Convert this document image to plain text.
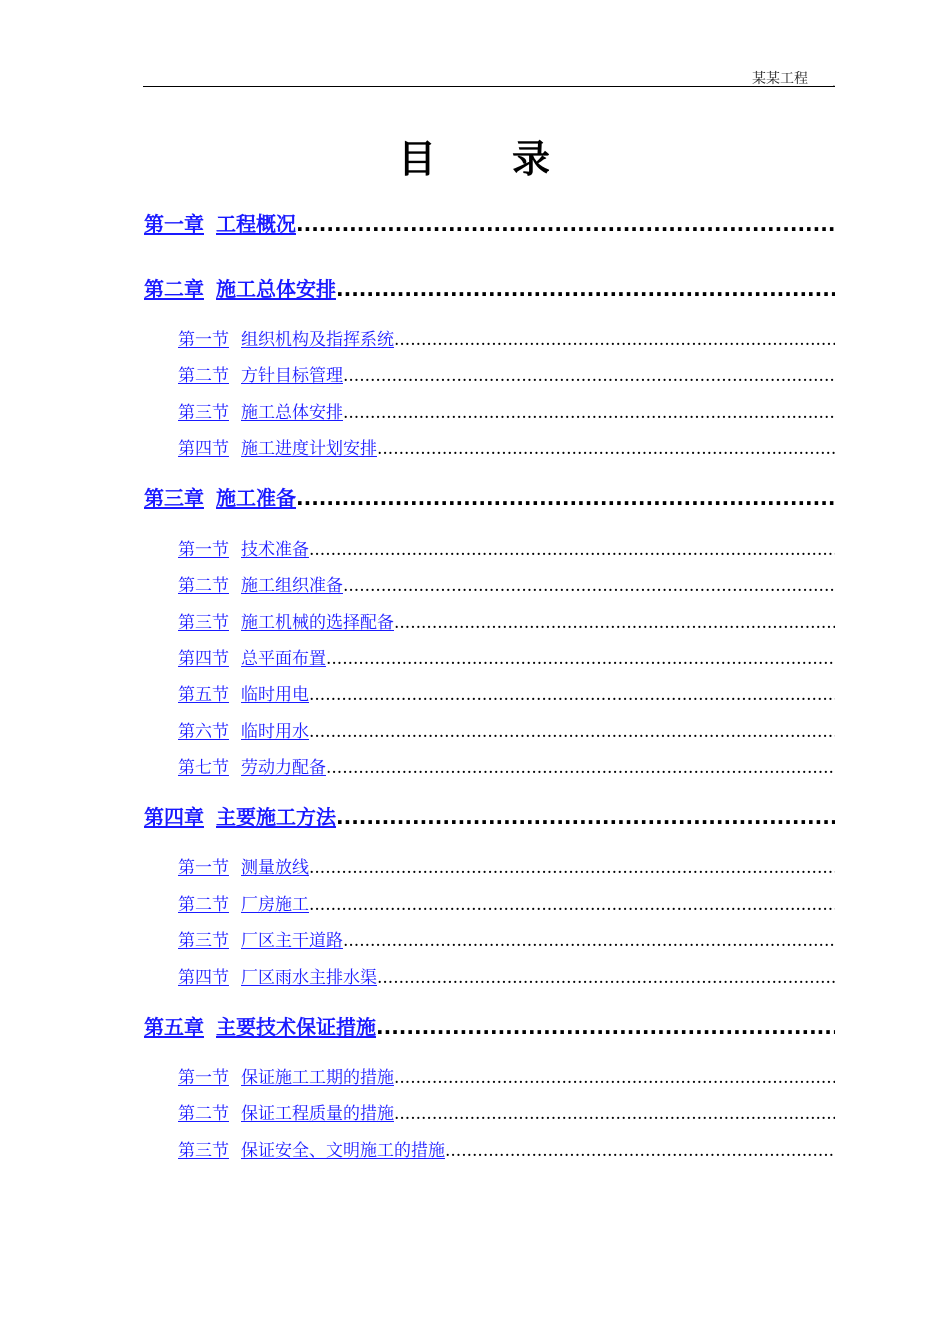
某某工程 .
目 录
第一章 工程概况
.....
第二章 施工总体安排
.....
第一节 组织机构及指挥系统
.....
第二节 方针目标管理
.....
第三节 施工总体安排
.....
第四节 施工进度计划安排
.....
第三章 施工准备
.....
第一节 技术准备
.....
第二节 施工组织准备
.....
第三节 施工机械的选择配备
.....
第四节 总平面布置
.....
第五节 临时用电
.....
第六节 临时用水
.....
第七节 劳动力配备
.....
第四章 主要施工方法
.....
第一节 测量放线
.....
第二节 厂房施工
.....
第三节 厂区主干道路
.....
第四节 厂区雨水主排水渠
.....
第五章 主要技术保证措施
.....
第一节 保证施工工期的措施
.....
第二节 保证工程质量的措施
.....
第三节 保证安全、文明施工的措施
.....
